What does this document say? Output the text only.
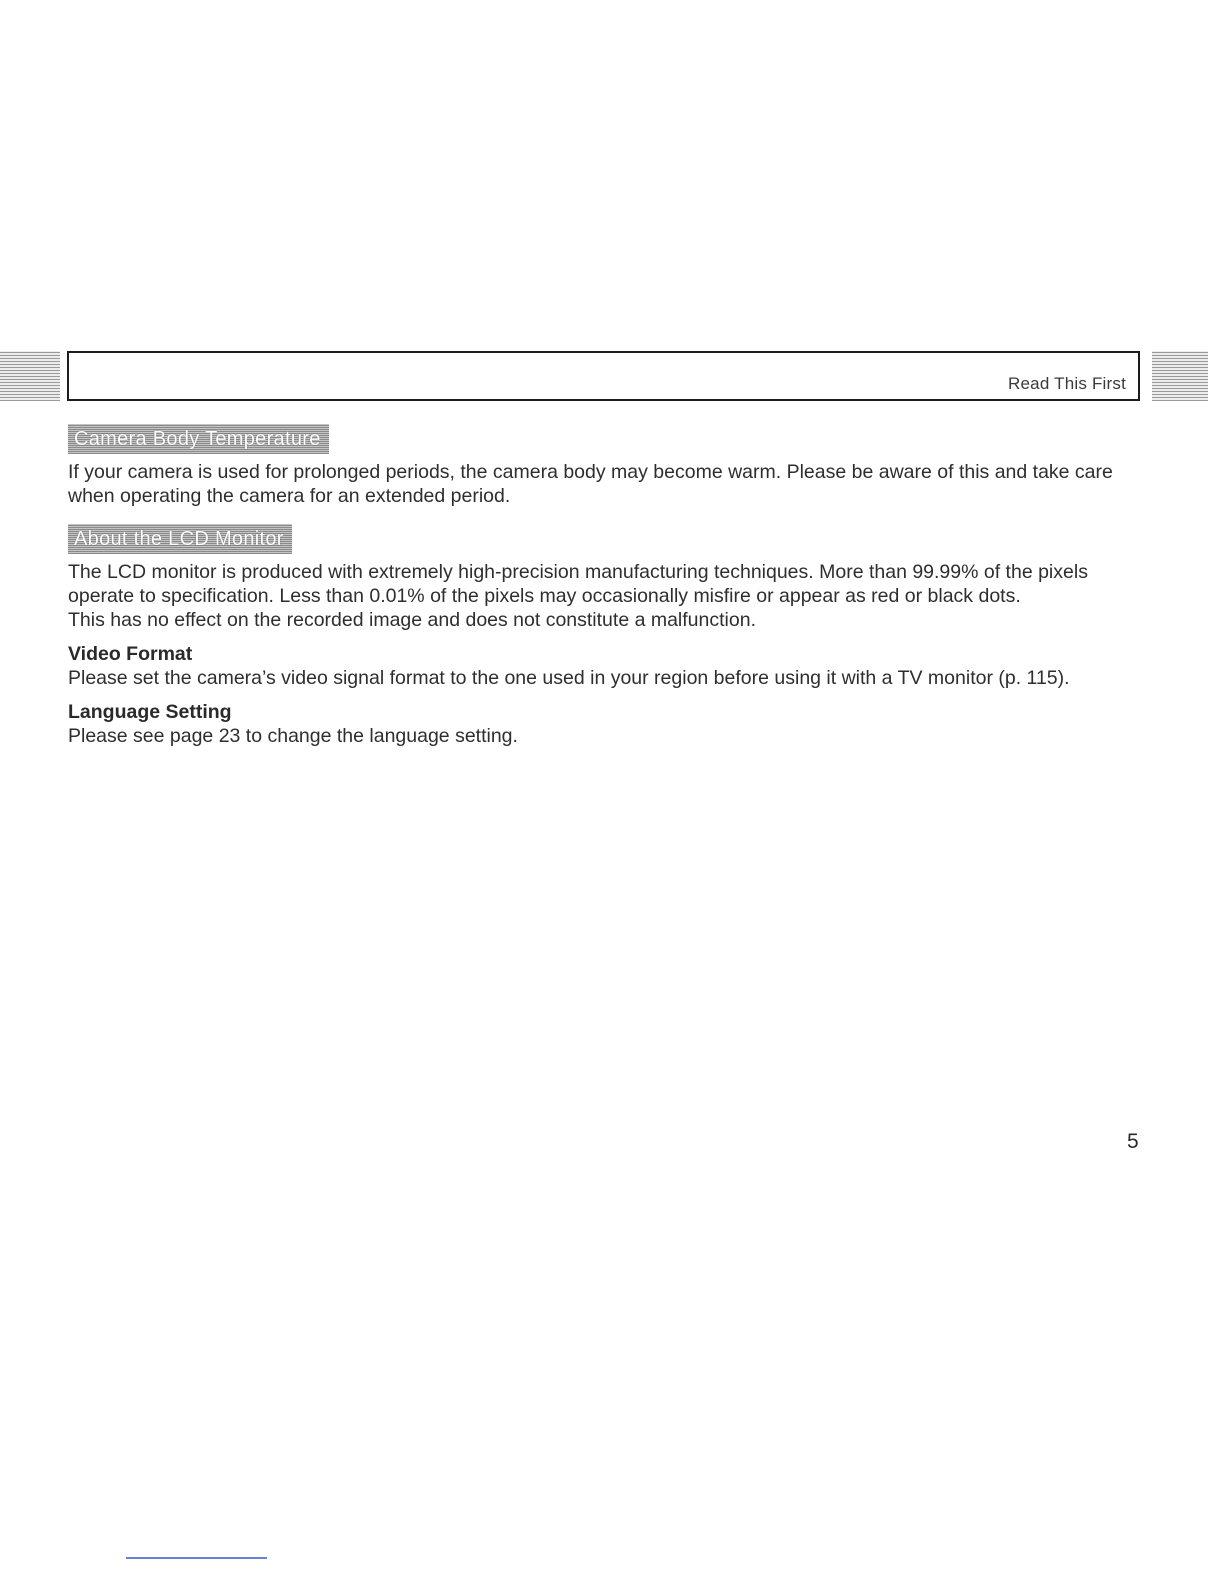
Read This First
Camera Body Temperature

If your camera is used for prolonged periods, the camera body may become warm. Please be aware of this and take care when operating the camera for an extended period.

About the LCD Monitor

The LCD monitor is produced with extremely high-precision manufacturing techniques. More than 99.99% of the pixels operate to specification. Less than 0.01% of the pixels may occasionally misfire or appear as red or black dots.

This has no effect on the recorded image and does not constitute a malfunction.

Video Format

Please set the camera’s video signal format to the one used in your region before using it with a TV monitor (p. 115).

Language Setting

Please see page 23 to change the language setting.

5
